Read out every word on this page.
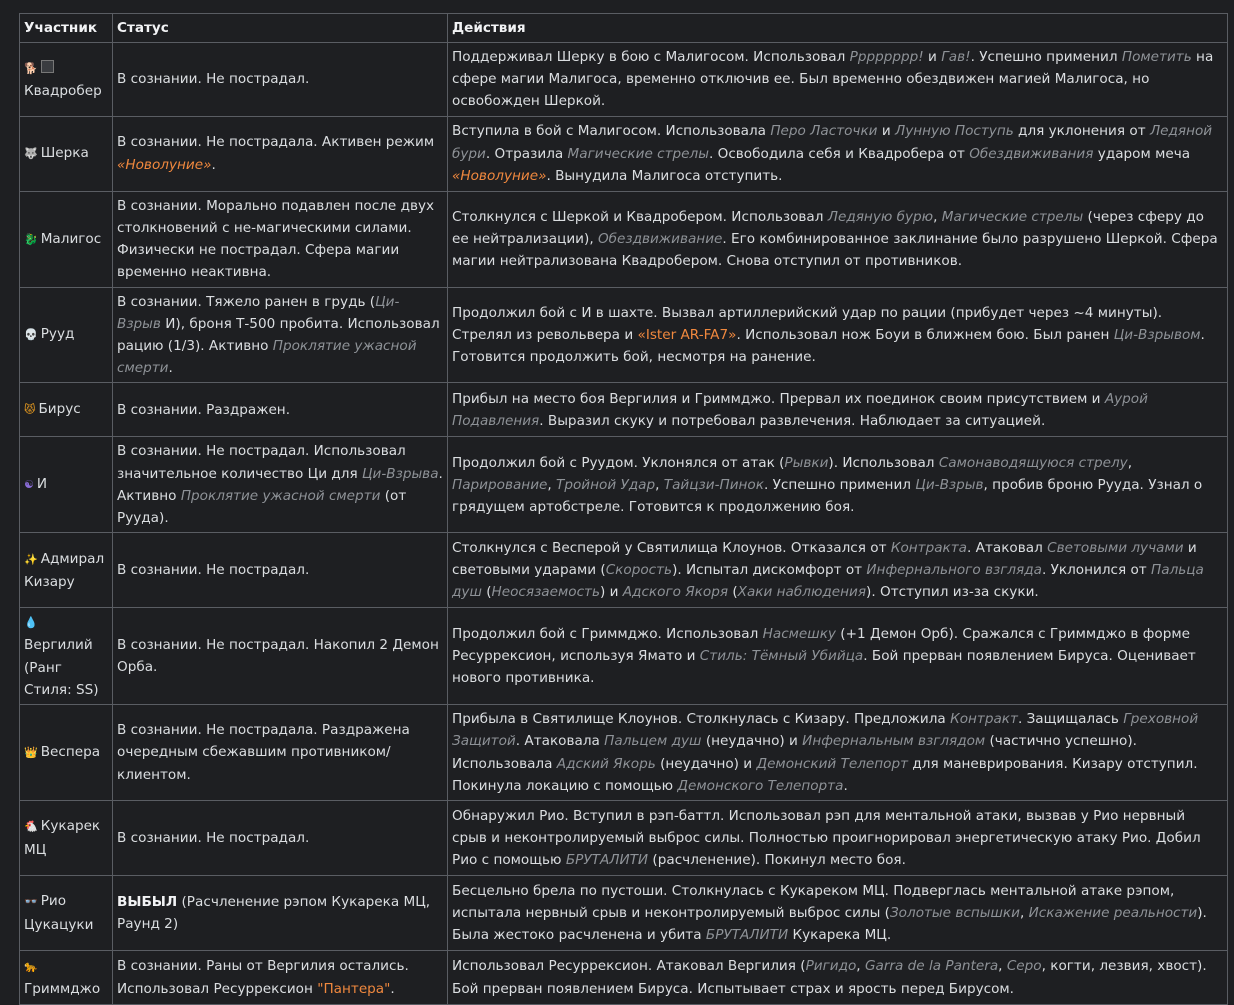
Участник	Статус	Действия
🐕Квадробер	В сознании. Не пострадал.	Поддерживал Шерку в бою с Малигосом. Использовал Рррррррр! и Гав!. Успешно применил Пометить на сфере магии Малигоса, временно отключив ее. Был временно обездвижен магией Малигоса, но освобожден Шеркой.
🐺 Шерка	В сознании. Не пострадала. Активен режим «Новолуние».	Вступила в бой с Малигосом. Использовала Перо Ласточки и Лунную Поступь для уклонения от Ледяной бури. Отразила Магические стрелы. Освободила себя и Квадробера от Обездвиживания ударом меча «Новолуние». Вынудила Малигоса отступить.
🐉 Малигос	В сознании. Морально подавлен после двух столкновений с не-магическими силами. Физически не пострадал. Сфера магии временно неактивна.	Столкнулся с Шеркой и Квадробером. Использовал Ледяную бурю, Магические стрелы (через сферу до ее нейтрализации), Обездвиживание. Его комбинированное заклинание было разрушено Шеркой. Сфера магии нейтрализована Квадробером. Снова отступил от противников.
💀 Рууд	В сознании. Тяжело ранен в грудь (Ци-Взрыв И), броня Т-500 пробита. Использовал рацию (1/3). Активно Проклятие ужасной смерти.	Продолжил бой с И в шахте. Вызвал артиллерийский удар по рации (прибудет через ~4 минуты). Стрелял из револьвера и «Ister AR-FA7». Использовал нож Боуи в ближнем бою. Был ранен Ци-Взрывом. Готовится продолжить бой, несмотря на ранение.
😾 Бирус	В сознании. Раздражен.	Прибыл на место боя Вергилия и Гриммджо. Прервал их поединок своим присутствием и Аурой Подавления. Выразил скуку и потребовал развлечения. Наблюдает за ситуацией.
☯ И	В сознании. Не пострадал. Использовал значительное количество Ци для Ци-Взрыва. Активно Проклятие ужасной смерти (от Рууда).	Продолжил бой с Руудом. Уклонялся от атак (Рывки). Использовал Самонаводящуюся стрелу, Парирование, Тройной Удар, Тайцзи-Пинок. Успешно применил Ци-Взрыв, пробив броню Рууда. Узнал о грядущем артобстреле. Готовится к продолжению боя.
✨ Адмирал Кизару	В сознании. Не пострадал.	Столкнулся с Весперой у Святилища Клоунов. Отказался от Контракта. Атаковал Световыми лучами и световыми ударами (Скорость). Испытал дискомфорт от Инфернального взгляда. Уклонился от Пальца душ (Неосязаемость) и Адского Якоря (Хаки наблюдения). Отступил из-за скуки.
💧Вергилий (Ранг Стиля: SS)	В сознании. Не пострадал. Накопил 2 Демон Орба.	Продолжил бой с Гриммджо. Использовал Насмешку (+1 Демон Орб). Сражался с Гриммджо в форме Ресуррексион, используя Ямато и Стиль: Тёмный Убийца. Бой прерван появлением Бируса. Оценивает нового противника.
👑 Веспера	В сознании. Не пострадала. Раздражена очередным сбежавшим противником/клиентом.	Прибыла в Святилище Клоунов. Столкнулась с Кизару. Предложила Контракт. Защищалась Греховной Защитой. Атаковала Пальцем душ (неудачно) и Инфернальным взглядом (частично успешно). Использовала Адский Якорь (неудачно) и Демонский Телепорт для маневрирования. Кизару отступил. Покинула локацию с помощью Демонского Телепорта.
🐔 Кукарек МЦ	В сознании. Не пострадал.	Обнаружил Рио. Вступил в рэп-баттл. Использовал рэп для ментальной атаки, вызвав у Рио нервный срыв и неконтролируемый выброс силы. Полностью проигнорировал энергетическую атаку Рио. Добил Рио с помощью БРУТАЛИТИ (расчленение). Покинул место боя.
👓 Рио Цукацуки	ВЫБЫЛ (Расчленение рэпом Кукарека МЦ, Раунд 2)	Бесцельно брела по пустоши. Столкнулась с Кукареком МЦ. Подверглась ментальной атаке рэпом, испытала нервный срыв и неконтролируемый выброс силы (Золотые вспышки, Искажение реальности). Была жестоко расчленена и убита БРУТАЛИТИ Кукарека МЦ.
🐆Гриммджо	В сознании. Раны от Вергилия остались. Использовал Ресуррексион "Пантера".	Использовал Ресуррексион. Атаковал Вергилия (Ригидо, Garra de la Pantera, Серо, когти, лезвия, хвост). Бой прерван появлением Бируса. Испытывает страх и ярость перед Бирусом.
